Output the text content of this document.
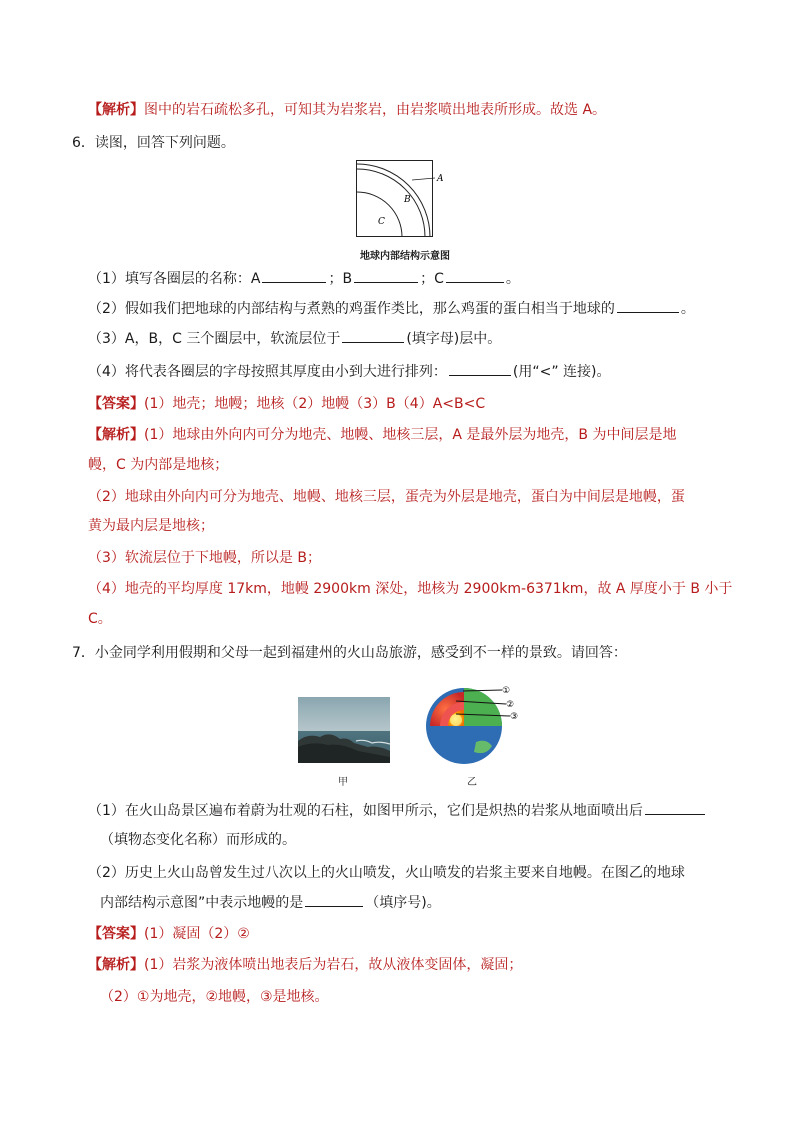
【解析】图中的岩石疏松多孔，可知其为岩浆岩，由岩浆喷出地表所形成。故选 A。
6．读图，回答下列问题。
A
B
C
地球内部结构示意图
（1）填写各圈层的名称：A	；B	；C	。
（2）假如我们把地球的内部结构与煮熟的鸡蛋作类比，那么鸡蛋的蛋白相当于地球的	。
（3）A，B，C 三个圈层中，软流层位于	(填字母)层中。
（4）将代表各圈层的字母按照其厚度由小到大进行排列：	(用“<” 连接)。
【答案】(1）地壳；地幔；地核（2）地幔（3）B（4）A<B<C
【解析】(1）地球由外向内可分为地壳、地幔、地核三层，A 是最外层为地壳，B 为中间层是地
幔，C 为内部是地核；
（2）地球由外向内可分为地壳、地幔、地核三层，蛋壳为外层是地壳，蛋白为中间层是地幔，蛋
黄为最内层是地核；
（3）软流层位于下地幔，所以是 B；
（4）地壳的平均厚度 17km，地幔 2900km 深处，地核为 2900km-6371km，故 A 厚度小于 B 小于
C。
7．小金同学利用假期和父母一起到福建州的火山岛旅游，感受到不一样的景致。请回答：
甲
①
②
③
乙
（1）在火山岛景区遍布着蔚为壮观的石柱，如图甲所示，它们是炽热的岩浆从地面喷出后
（填物态变化名称）而形成的。
（2）历史上火山岛曾发生过八次以上的火山喷发，火山喷发的岩浆主要来自地幔。在图乙的地球
内部结构示意图”中表示地幔的是	（填序号)。
【答案】(1）凝固（2）②
【解析】(1）岩浆为液体喷出地表后为岩石，故从液体变固体，凝固；
（2）①为地壳，②地幔，③是地核。
